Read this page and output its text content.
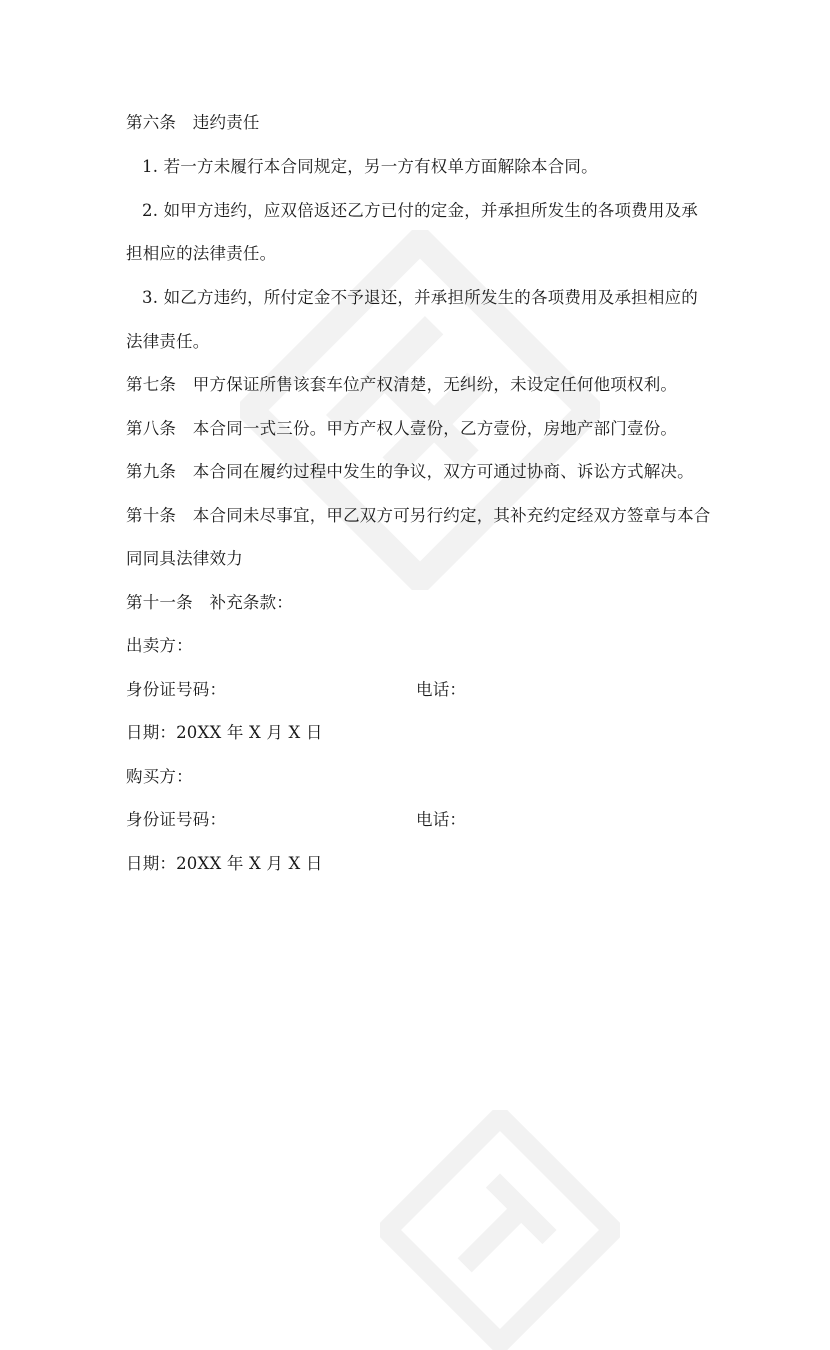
第六条　违约责任
1. 若一方未履行本合同规定，另一方有权单方面解除本合同。
2. 如甲方违约，应双倍返还乙方已付的定金，并承担所发生的各项费用及承
担相应的法律责任。
3. 如乙方违约，所付定金不予退还，并承担所发生的各项费用及承担相应的
法律责任。
第七条　甲方保证所售该套车位产权清楚，无纠纷，未设定任何他项权利。
第八条　本合同一式三份。甲方产权人壹份，乙方壹份，房地产部门壹份。
第九条　本合同在履约过程中发生的争议，双方可通过协商、诉讼方式解决。
第十条　本合同未尽事宜，甲乙双方可另行约定，其补充约定经双方签章与本合
同同具法律效力
第十一条　补充条款：
出卖方：
身份证号码：	电话：
日期：20XX 年 X 月 X 日
购买方：
身份证号码：	电话：
日期：20XX 年 X 月 X 日
